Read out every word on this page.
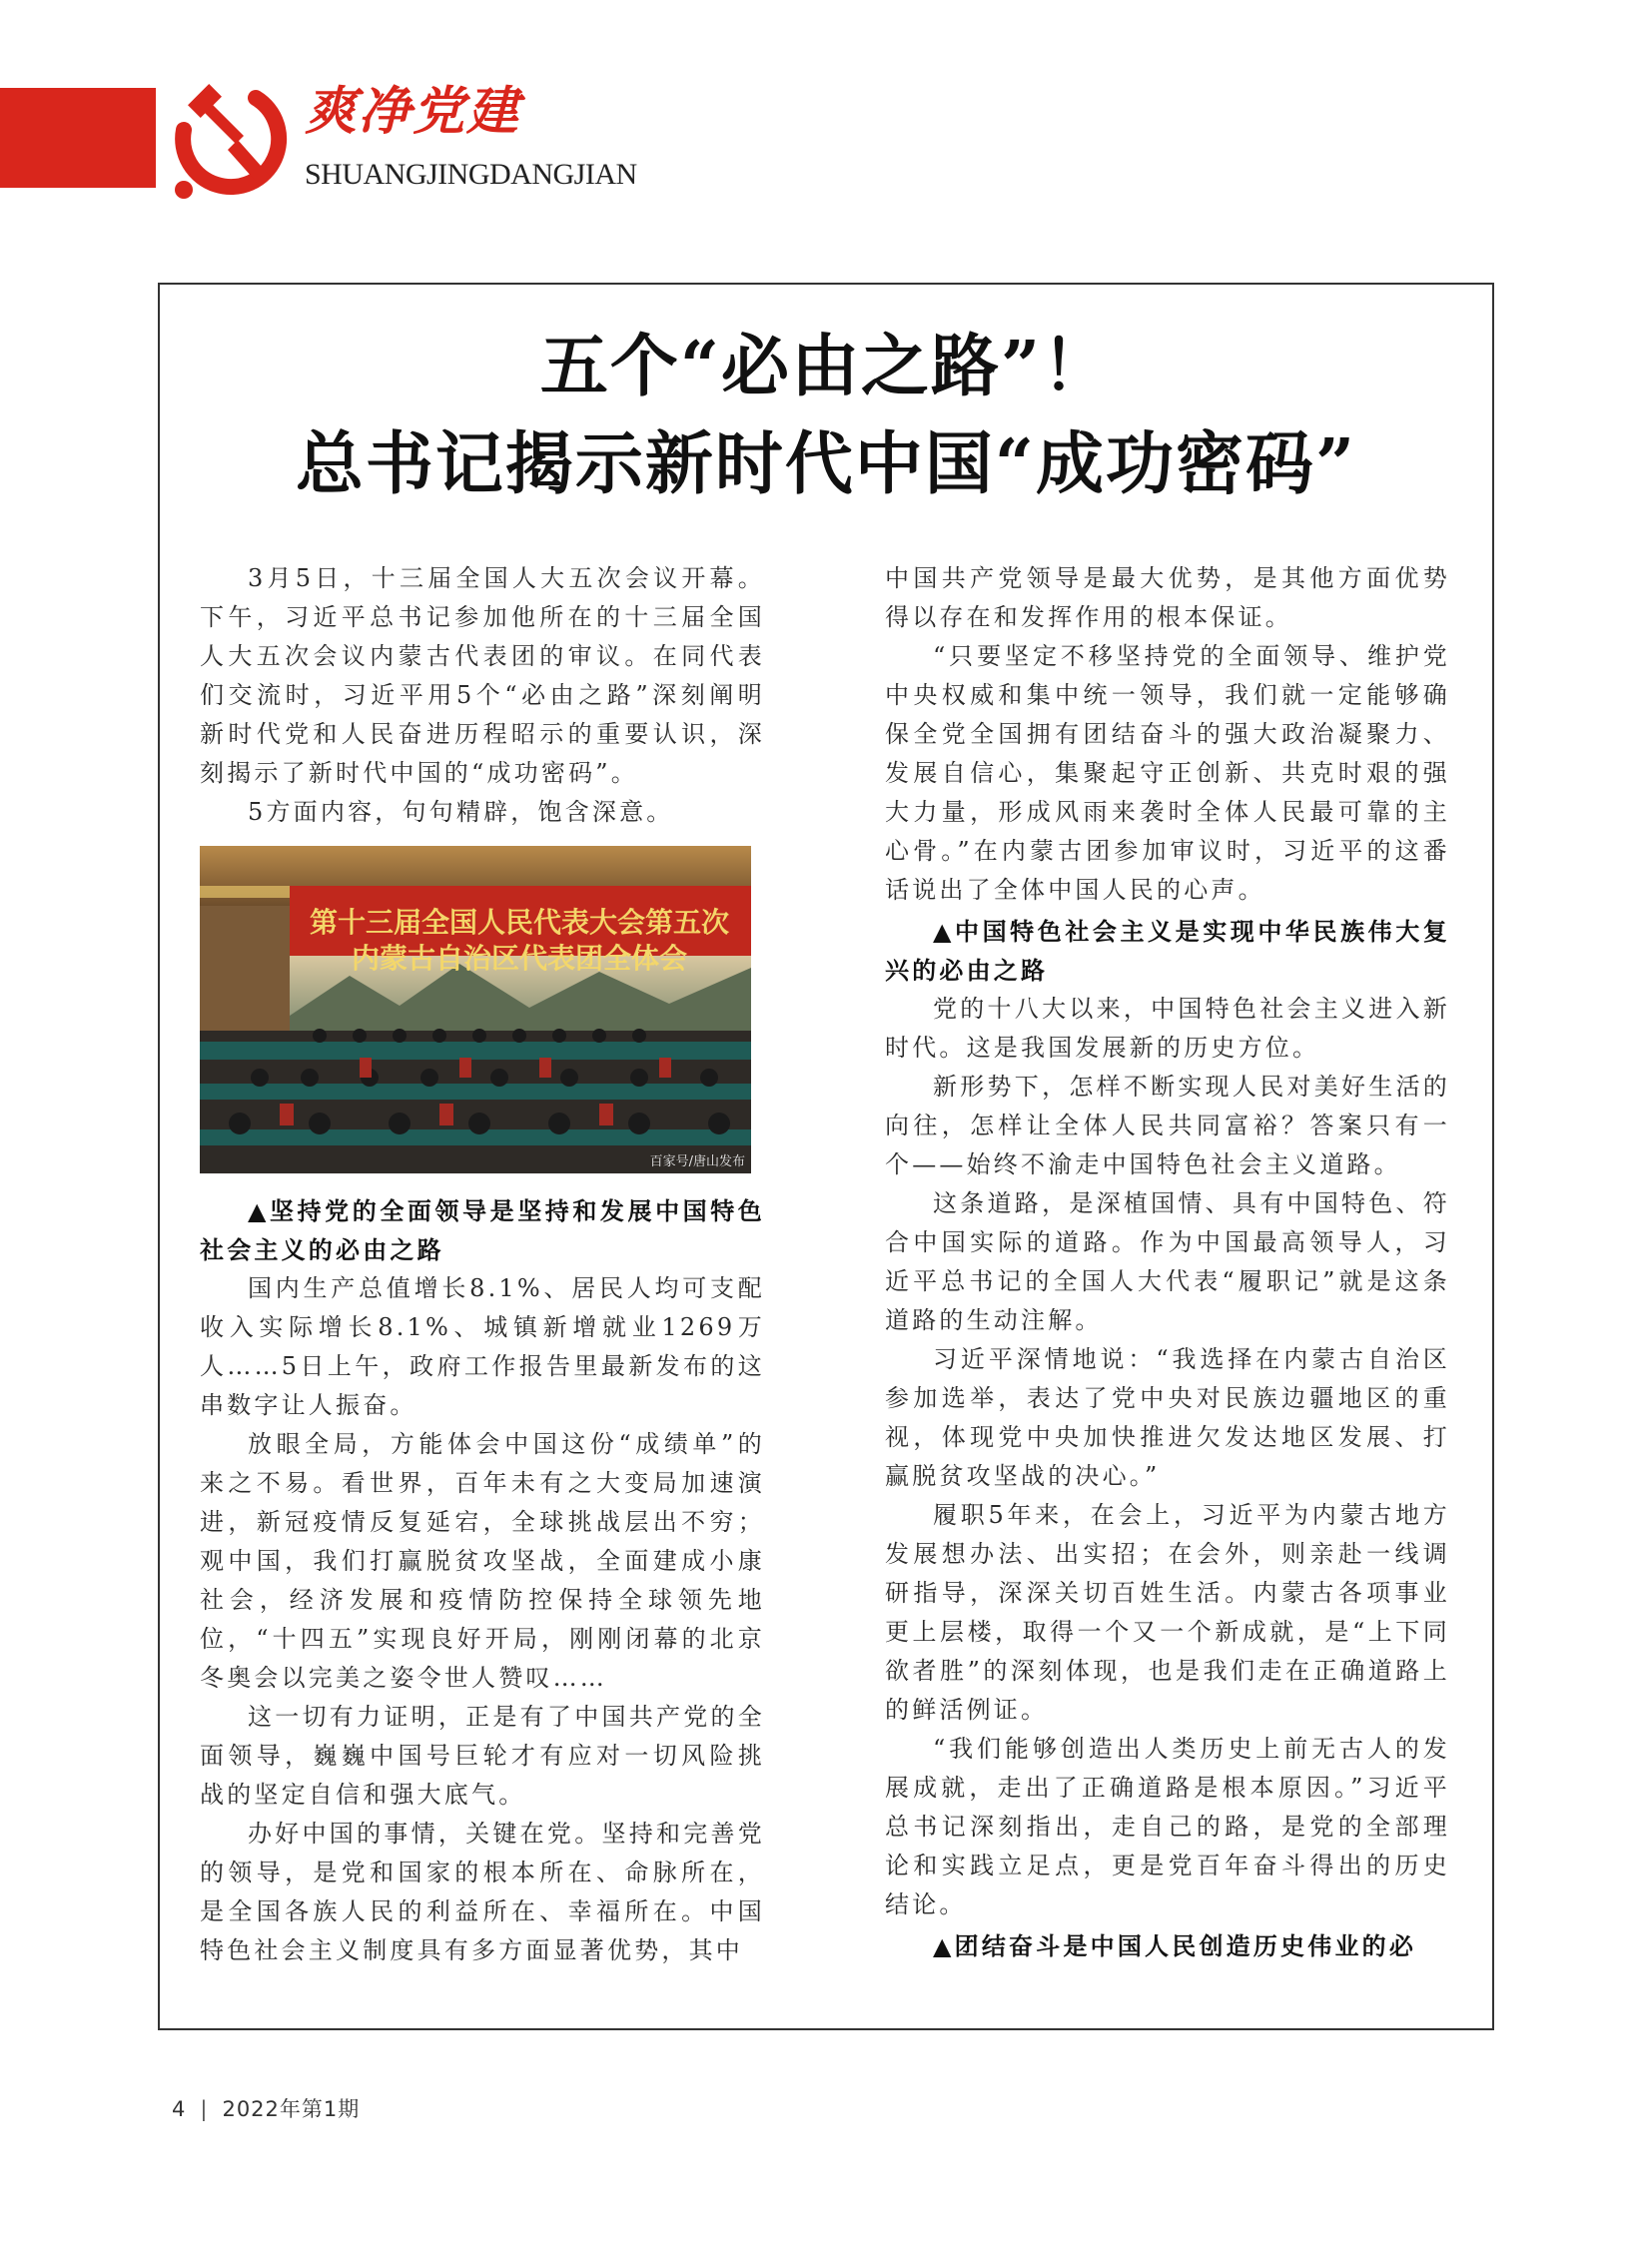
爽净党建
SHUANGJINGDANGJIAN
五个“必由之路”！
总书记揭示新时代中国“成功密码”

3月5日，十三届全国人大五次会议开幕。下午，习近平总书记参加他所在的十三届全国人大五次会议内蒙古代表团的审议。在同代表们交流时，习近平用5个“必由之路”深刻阐明新时代党和人民奋进历程昭示的重要认识，深刻揭示了新时代中国的“成功密码”。

5方面内容，句句精辟，饱含深意。

第十三届全国人民代表大会第五次
内蒙古自治区代表团全体会
百家号/唐山发布

▲坚持党的全面领导是坚持和发展中国特色社会主义的必由之路

国内生产总值增长8.1%、居民人均可支配收入实际增长8.1%、城镇新增就业1269万人……5日上午，政府工作报告里最新发布的这串数字让人振奋。

放眼全局，方能体会中国这份“成绩单”的来之不易。看世界，百年未有之大变局加速演进，新冠疫情反复延宕，全球挑战层出不穷；观中国，我们打赢脱贫攻坚战，全面建成小康社会，经济发展和疫情防控保持全球领先地位，“十四五”实现良好开局，刚刚闭幕的北京冬奥会以完美之姿令世人赞叹……

这一切有力证明，正是有了中国共产党的全面领导，巍巍中国号巨轮才有应对一切风险挑战的坚定自信和强大底气。

办好中国的事情，关键在党。坚持和完善党的领导，是党和国家的根本所在、命脉所在，是全国各族人民的利益所在、幸福所在。中国特色社会主义制度具有多方面显著优势，其中

中国共产党领导是最大优势，是其他方面优势得以存在和发挥作用的根本保证。

“只要坚定不移坚持党的全面领导、维护党中央权威和集中统一领导，我们就一定能够确保全党全国拥有团结奋斗的强大政治凝聚力、发展自信心，集聚起守正创新、共克时艰的强大力量，形成风雨来袭时全体人民最可靠的主心骨。”在内蒙古团参加审议时，习近平的这番话说出了全体中国人民的心声。

▲中国特色社会主义是实现中华民族伟大复兴的必由之路

党的十八大以来，中国特色社会主义进入新时代。这是我国发展新的历史方位。

新形势下，怎样不断实现人民对美好生活的向往，怎样让全体人民共同富裕？答案只有一个——始终不渝走中国特色社会主义道路。

这条道路，是深植国情、具有中国特色、符合中国实际的道路。作为中国最高领导人，习近平总书记的全国人大代表“履职记”就是这条道路的生动注解。

习近平深情地说：“我选择在内蒙古自治区参加选举，表达了党中央对民族边疆地区的重视，体现党中央加快推进欠发达地区发展、打赢脱贫攻坚战的决心。”

履职5年来，在会上，习近平为内蒙古地方发展想办法、出实招；在会外，则亲赴一线调研指导，深深关切百姓生活。内蒙古各项事业更上层楼，取得一个又一个新成就，是“上下同欲者胜”的深刻体现，也是我们走在正确道路上的鲜活例证。

“我们能够创造出人类历史上前无古人的发展成就，走出了正确道路是根本原因。”习近平总书记深刻指出，走自己的路，是党的全部理论和实践立足点，更是党百年奋斗得出的历史结论。

▲团结奋斗是中国人民创造历史伟业的必

4 | 2022年第1期
